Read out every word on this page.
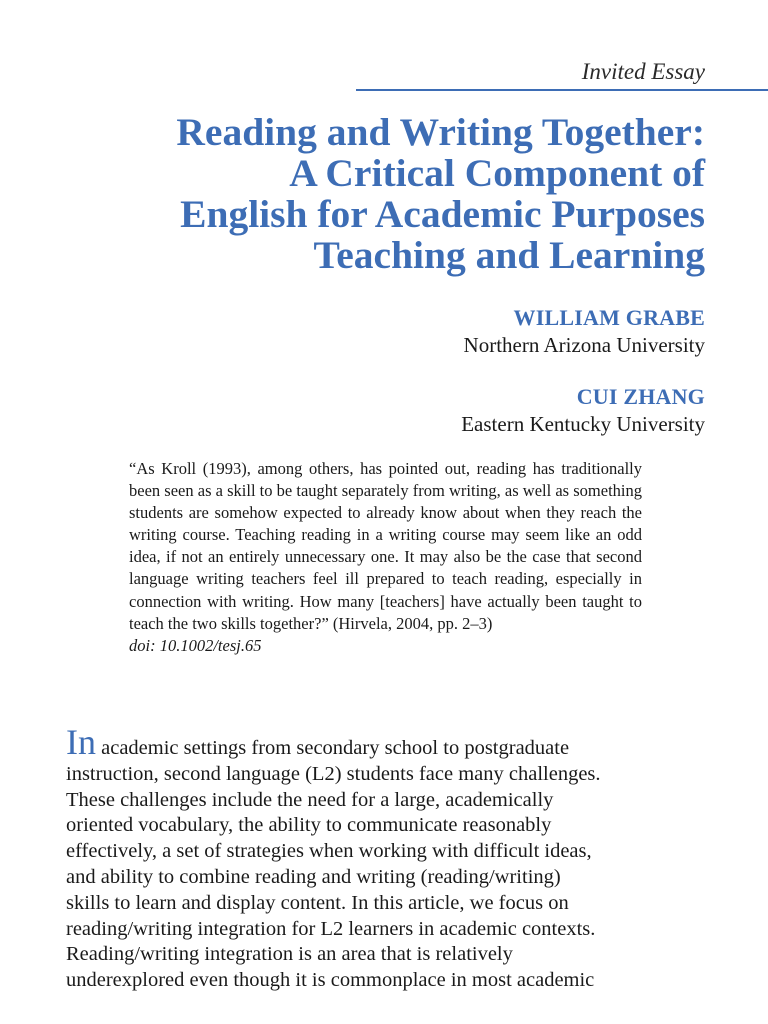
Invited Essay
Reading and Writing Together:
A Critical Component of
English for Academic Purposes
Teaching and Learning
WILLIAM GRABE
Northern Arizona University
CUI ZHANG
Eastern Kentucky University
“As Kroll (1993), among others, has pointed out, reading has traditionally been seen as a skill to be taught separately from writing, as well as something students are somehow expected to already know about when they reach the writing course. Teaching reading in a writing course may seem like an odd idea, if not an entirely unnecessary one. It may also be the case that second language writing teachers feel ill prepared to teach reading, especially in connection with writing. How many [teachers] have actually been taught to teach the two skills together?” (Hirvela, 2004, pp. 2–3)
doi: 10.1002/tesj.65
In academic settings from secondary school to postgraduate
instruction, second language (L2) students face many challenges.
These challenges include the need for a large, academically
oriented vocabulary, the ability to communicate reasonably
effectively, a set of strategies when working with difficult ideas,
and ability to combine reading and writing (reading/writing)
skills to learn and display content. In this article, we focus on
reading/writing integration for L2 learners in academic contexts.
Reading/writing integration is an area that is relatively
underexplored even though it is commonplace in most academic
